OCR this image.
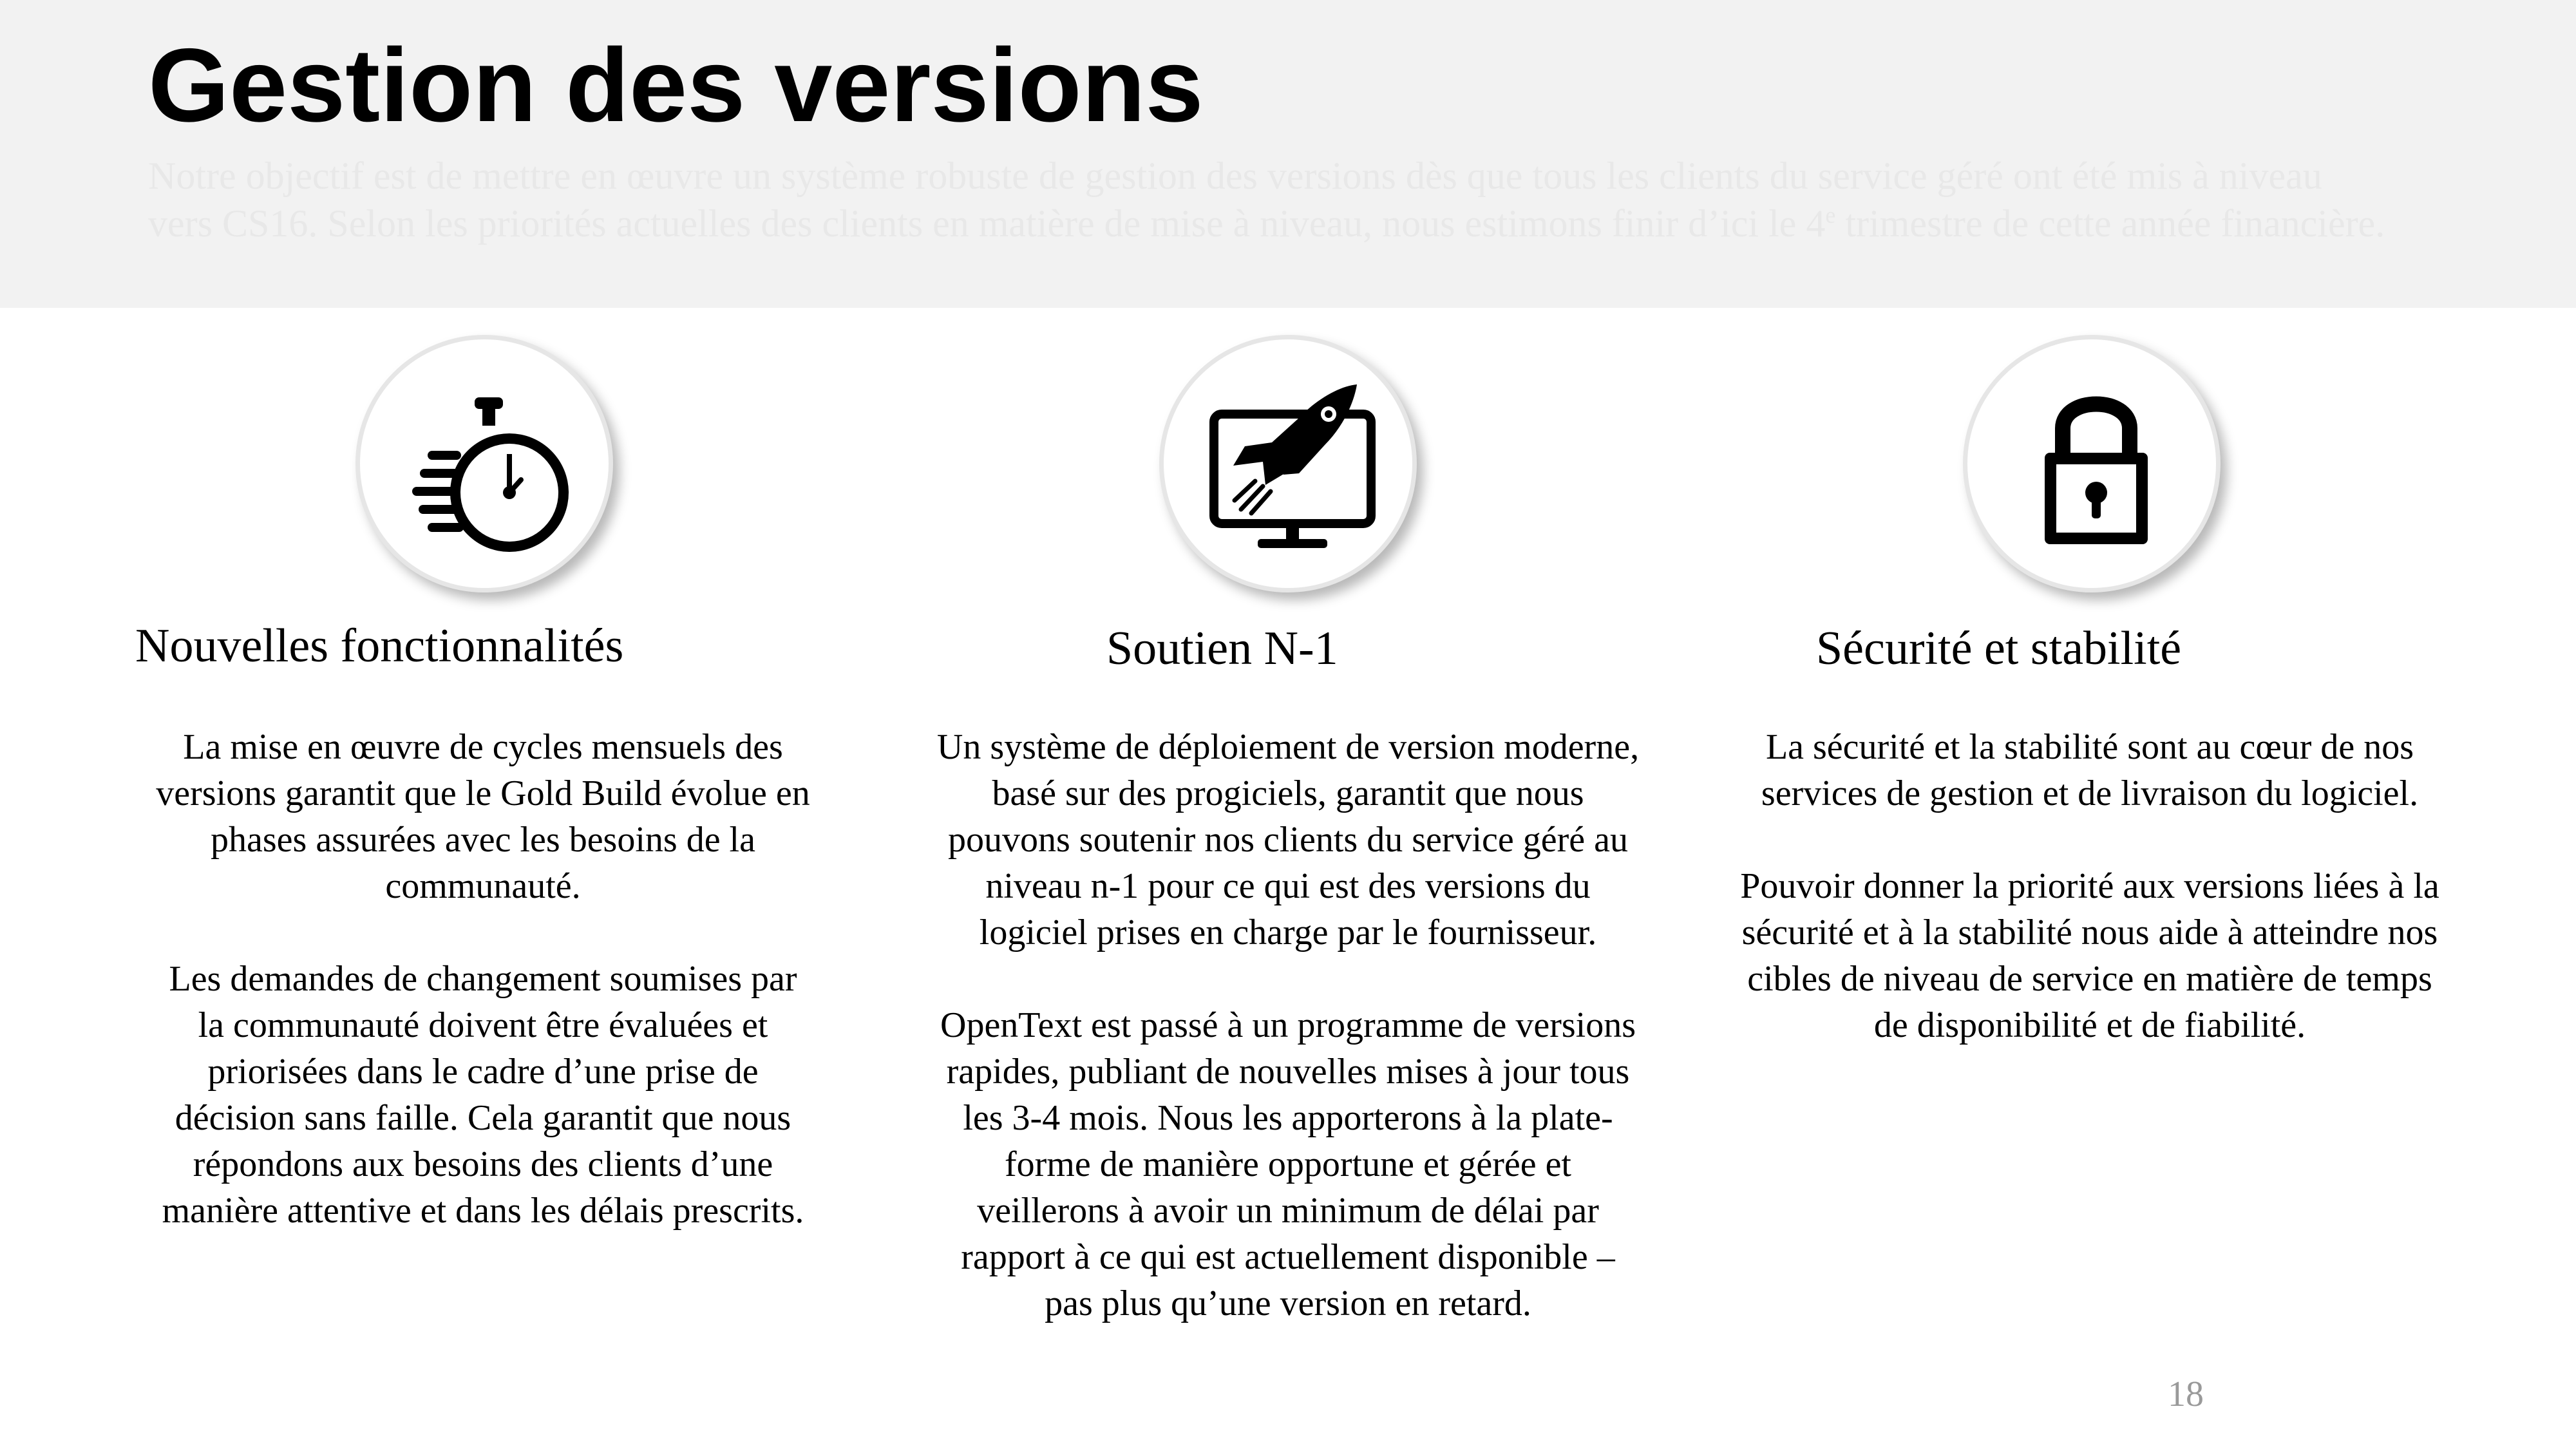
Gestion des versions

Notre objectif est de mettre en œuvre un système robuste de gestion des versions dès que tous les clients du service géré ont été mis à niveau vers CS16. Selon les priorités actuelles des clients en matière de mise à niveau, nous estimons finir d’ici le 4e trimestre de cette année financière.

Nouvelles fonctionnalités

La mise en œuvre de cycles mensuels des versions garantit que le Gold Build évolue en phases assurées avec les besoins de la communauté.

Les demandes de changement soumises par la communauté doivent être évaluées et priorisées dans le cadre d’une prise de décision sans faille. Cela garantit que nous répondons aux besoins des clients d’une manière attentive et dans les délais prescrits.

Soutien N-1

Un système de déploiement de version moderne, basé sur des progiciels, garantit que nous pouvons soutenir nos clients du service géré au niveau n-1 pour ce qui est des versions du logiciel prises en charge par le fournisseur.

OpenText est passé à un programme de versions rapides, publiant de nouvelles mises à jour tous les 3-4 mois. Nous les apporterons à la plate-forme de manière opportune et gérée et veillerons à avoir un minimum de délai par rapport à ce qui est actuellement disponible – pas plus qu’une version en retard.

Sécurité et stabilité

La sécurité et la stabilité sont au cœur de nos services de gestion et de livraison du logiciel.

Pouvoir donner la priorité aux versions liées à la sécurité et à la stabilité nous aide à atteindre nos cibles de niveau de service en matière de temps de disponibilité et de fiabilité.

18
